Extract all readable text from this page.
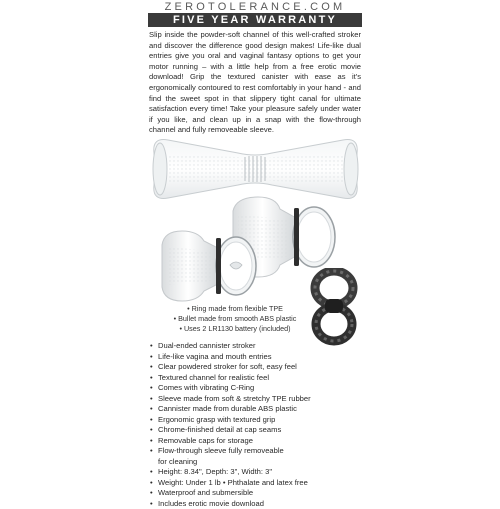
ZEROTOLERANCE.COM
FIVE YEAR WARRANTY

Slip inside the powder-soft channel of this well-crafted stroker and discover the difference good design makes! Life-like dual entries give you oral and vaginal fantasy options to get your motor running – with a little help from a free erotic movie download! Grip the textured canister with ease as it's ergonomically contoured to rest comfortably in your hand - and find the sweet spot in that slippery tight canal for ultimate satisfaction every time! Take your pleasure safely under water if you like, and clean up in a snap with the flow-through channel and fully removeable sleeve.

• Ring made from flexible TPE
• Bullet made from smooth ABS plastic
• Uses 2 LR1130 battery (included)
• Dual-ended cannister stroker
• Life-like vagina and mouth entries
• Clear powdered stroker for soft, easy feel
• Textured channel for realistic feel
• Comes with vibrating C-Ring
• Sleeve made from soft & stretchy TPE rubber
• Cannister made from durable ABS plastic
• Ergonomic grasp with textured grip
• Chrome-finished detail at cap seams
• Removable caps for storage
• Flow-through sleeve fully removeable
for cleaning
• Height: 8.34", Depth: 3", Width: 3"
• Weight: Under 1 lb • Phthalate and latex free
• Waterproof and submersible
• Includes erotic movie download
